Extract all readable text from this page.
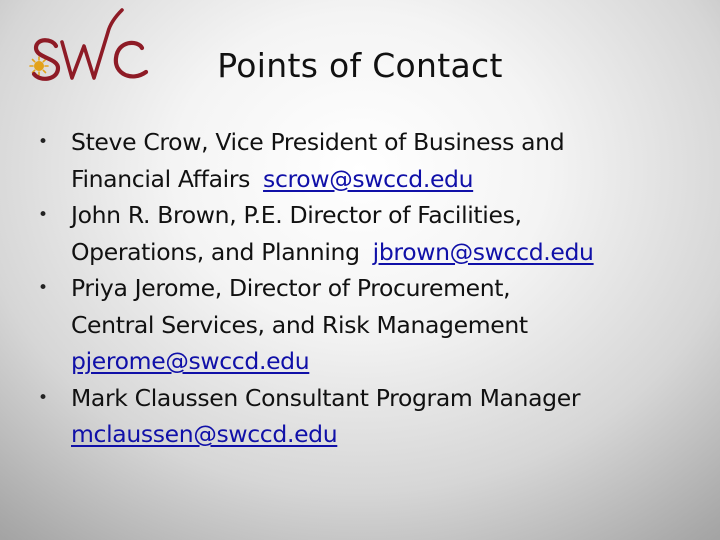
Points of Contact
• Steve Crow, Vice President of Business and
Financial Affairs scrow@swccd.edu
• John R. Brown, P.E. Director of Facilities,
Operations, and Planning jbrown@swccd.edu
• Priya Jerome, Director of Procurement,
Central Services, and Risk Management
pjerome@swccd.edu
• Mark Claussen Consultant Program Manager
mclaussen@swccd.edu
